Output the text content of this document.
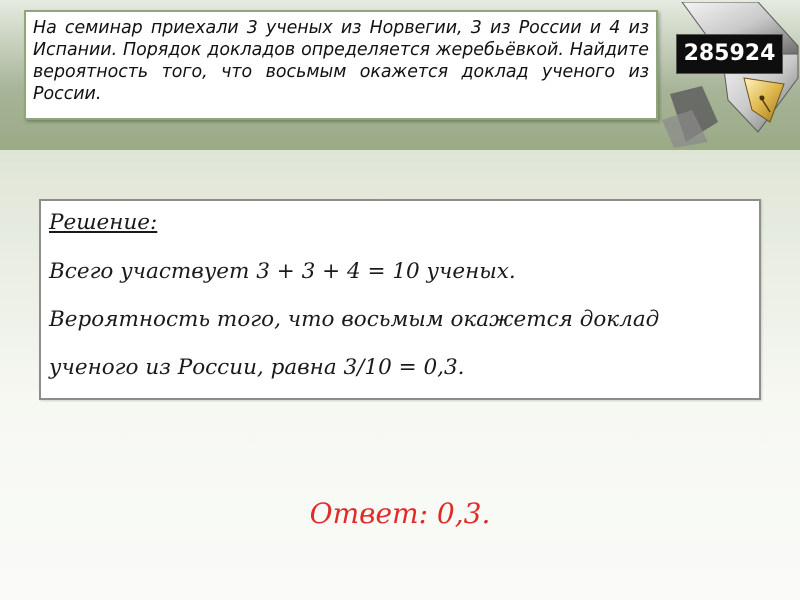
На семинар приехали 3 ученых из Норвегии, 3 из России и 4 из Испании. Порядок докладов определяется жеребьёвкой. Найдите вероятность того, что восьмым окажется доклад ученого из России.
285924
Решение:
Всего участвует 3 + 3 + 4 = 10 ученых.
Вероятность того, что восьмым окажется доклад
ученого из России, равна 3/10 = 0,3.
Ответ: 0,3.
